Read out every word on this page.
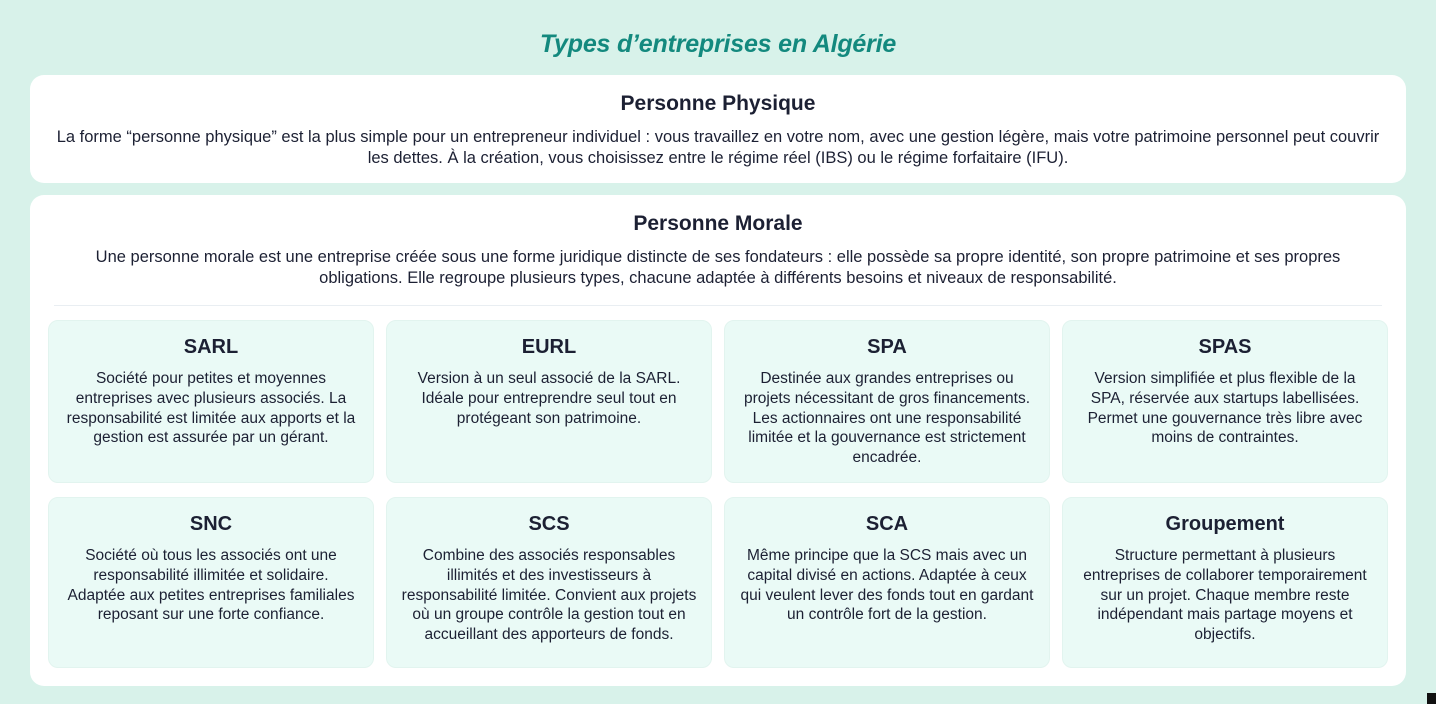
Types d’entreprises en Algérie
Personne Physique

La forme “personne physique” est la plus simple pour un entrepreneur individuel : vous travaillez en votre nom, avec une gestion légère, mais votre patrimoine personnel peut couvrir les dettes. À la création, vous choisissez entre le régime réel (IBS) ou le régime forfaitaire (IFU).

Personne Morale

Une personne morale est une entreprise créée sous une forme juridique distincte de ses fondateurs : elle possède sa propre identité, son propre patrimoine et ses propres obligations. Elle regroupe plusieurs types, chacune adaptée à différents besoins et niveaux de responsabilité.

SARL

Société pour petites et moyennes entreprises avec plusieurs associés. La responsabilité est limitée aux apports et la gestion est assurée par un gérant.

EURL

Version à un seul associé de la SARL. Idéale pour entreprendre seul tout en protégeant son patrimoine.

SPA

Destinée aux grandes entreprises ou projets nécessitant de gros financements. Les actionnaires ont une responsabilité limitée et la gouvernance est strictement encadrée.

SPAS

Version simplifiée et plus flexible de la SPA, réservée aux startups labellisées. Permet une gouvernance très libre avec moins de contraintes.

SNC

Société où tous les associés ont une responsabilité illimitée et solidaire. Adaptée aux petites entreprises familiales reposant sur une forte confiance.

SCS

Combine des associés responsables illimités et des investisseurs à responsabilité limitée. Convient aux projets où un groupe contrôle la gestion tout en accueillant des apporteurs de fonds.

SCA

Même principe que la SCS mais avec un capital divisé en actions. Adaptée à ceux qui veulent lever des fonds tout en gardant un contrôle fort de la gestion.

Groupement

Structure permettant à plusieurs entreprises de collaborer temporairement sur un projet. Chaque membre reste indépendant mais partage moyens et objectifs.
